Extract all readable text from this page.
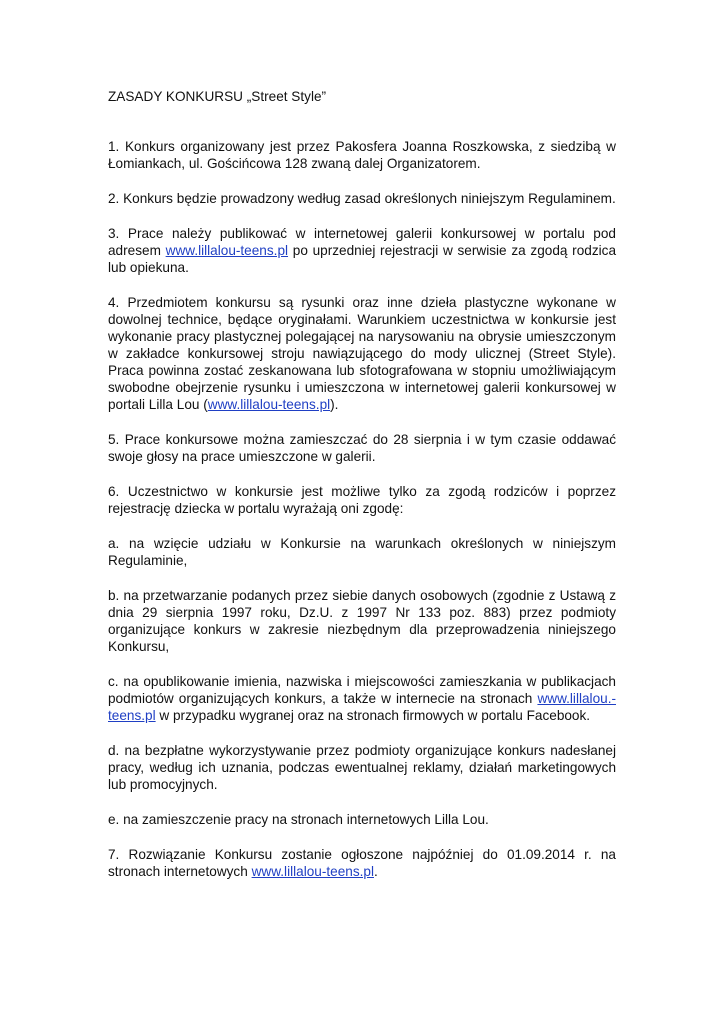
ZASADY KONKURSU „Street Style”

1. Konkurs organizowany jest przez Pakosfera Joanna Roszkowska, z siedzibą w Łomiankach, ul. Gościńcowa 128 zwaną dalej Organizatorem.

2. Konkurs będzie prowadzony według zasad określonych niniejszym Regulaminem.

3. Prace należy publikować w internetowej galerii konkursowej w portalu pod adresem www.lillalou-teens.pl po uprzedniej rejestracji w serwisie za zgodą rodzica lub opiekuna.

4. Przedmiotem konkursu są rysunki oraz inne dzieła plastyczne wykonane w dowolnej technice, będące oryginałami. Warunkiem uczestnictwa w konkursie jest wykonanie pracy plastycznej polegającej na narysowaniu na obrysie umieszczonym w zakładce konkursowej stroju nawiązującego do mody ulicznej (Street Style). Praca powinna zostać zeskanowana lub sfotografowana w stopniu umożliwiającym swobodne obejrzenie rysunku i umieszczona w internetowej galerii konkursowej w portali Lilla Lou (www.lillalou-teens.pl).

5. Prace konkursowe można zamieszczać do 28 sierpnia i w tym czasie oddawać swoje głosy na prace umieszczone w galerii.

6. Uczestnictwo w konkursie jest możliwe tylko za zgodą rodziców i poprzez rejestrację dziecka w portalu wyrażają oni zgodę:

a. na wzięcie udziału w Konkursie na warunkach określonych w niniejszym Regulaminie,

b. na przetwarzanie podanych przez siebie danych osobowych (zgodnie z Ustawą z dnia 29 sierpnia 1997 roku, Dz.U. z 1997 Nr 133 poz. 883) przez podmioty organizujące konkurs w zakresie niezbędnym dla przeprowadzenia niniejszego Konkursu,

c. na opublikowanie imienia, nazwiska i miejscowości zamieszkania w publikacjach podmiotów organizujących konkurs, a także w internecie na stronach www.lillalou.-teens.pl w przypadku wygranej oraz na stronach firmowych w portalu Facebook.

d. na bezpłatne wykorzystywanie przez podmioty organizujące konkurs nadesłanej pracy, według ich uznania, podczas ewentualnej reklamy, działań marketingowych lub promocyjnych.

e. na zamieszczenie pracy na stronach internetowych Lilla Lou.

7. Rozwiązanie Konkursu zostanie ogłoszone najpóźniej do 01.09.2014 r. na stronach internetowych www.lillalou-teens.pl.
